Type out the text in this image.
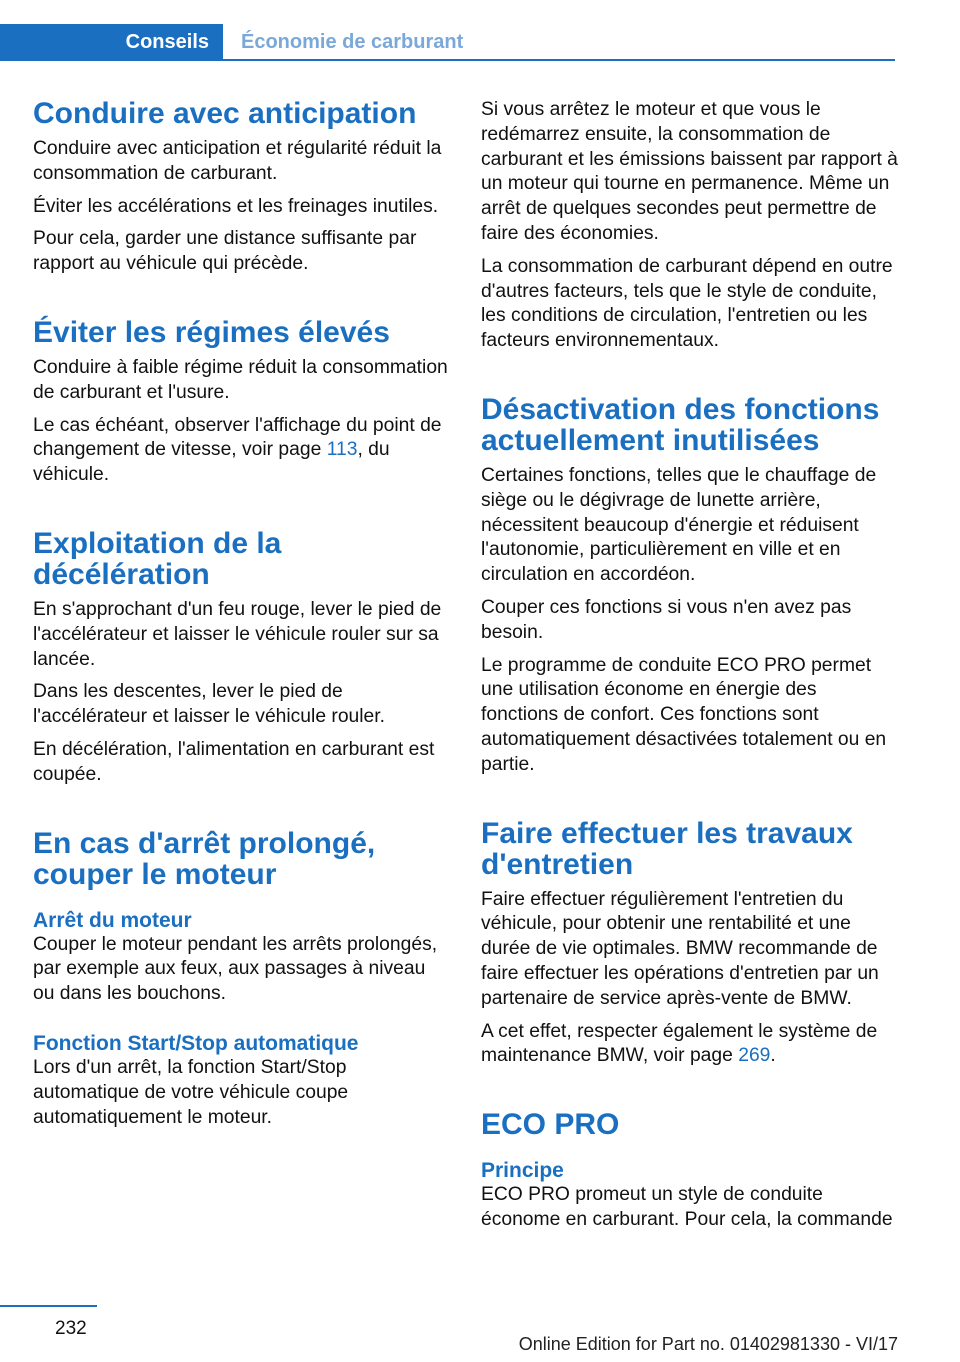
Conseils	Économie de carburant
Conduire avec anticipation

Conduire avec anticipation et régularité réduit la consommation de carburant.

Éviter les accélérations et les freinages inutiles.

Pour cela, garder une distance suffisante par rapport au véhicule qui précède.

Éviter les régimes élevés

Conduire à faible régime réduit la consommation de carburant et l'usure.

Le cas échéant, observer l'affichage du point de changement de vitesse, voir page 113, du véhicule.

Exploitation de la décélération

En s'approchant d'un feu rouge, lever le pied de l'accélérateur et laisser le véhicule rouler sur sa lancée.

Dans les descentes, lever le pied de l'accélérateur et laisser le véhicule rouler.

En décélération, l'alimentation en carburant est coupée.

En cas d'arrêt prolongé, couper le moteur
Arrêt du moteur

Couper le moteur pendant les arrêts prolongés, par exemple aux feux, aux passages à niveau ou dans les bouchons.

Fonction Start/Stop automatique

Lors d'un arrêt, la fonction Start/Stop automatique de votre véhicule coupe automatiquement le moteur.

Si vous arrêtez le moteur et que vous le redémarrez ensuite, la consommation de carburant et les émissions baissent par rapport à un moteur qui tourne en permanence. Même un arrêt de quelques secondes peut permettre de faire des économies.

La consommation de carburant dépend en outre d'autres facteurs, tels que le style de conduite, les conditions de circulation, l'entretien ou les facteurs environnementaux.

Désactivation des fonctions actuellement inutilisées

Certaines fonctions, telles que le chauffage de siège ou le dégivrage de lunette arrière, nécessitent beaucoup d'énergie et réduisent l'autonomie, particulièrement en ville et en circulation en accordéon.

Couper ces fonctions si vous n'en avez pas besoin.

Le programme de conduite ECO PRO permet une utilisation économe en énergie des fonctions de confort. Ces fonctions sont automatiquement désactivées totalement ou en partie.

Faire effectuer les travaux d'entretien

Faire effectuer régulièrement l'entretien du véhicule, pour obtenir une rentabilité et une durée de vie optimales. BMW recommande de faire effectuer les opérations d'entretien par un partenaire de service après-vente de BMW.

A cet effet, respecter également le système de maintenance BMW, voir page 269.

ECO PRO
Principe

ECO PRO promeut un style de conduite économe en carburant. Pour cela, la commande

232
Online Edition for Part no. 01402981330 - VI/17
